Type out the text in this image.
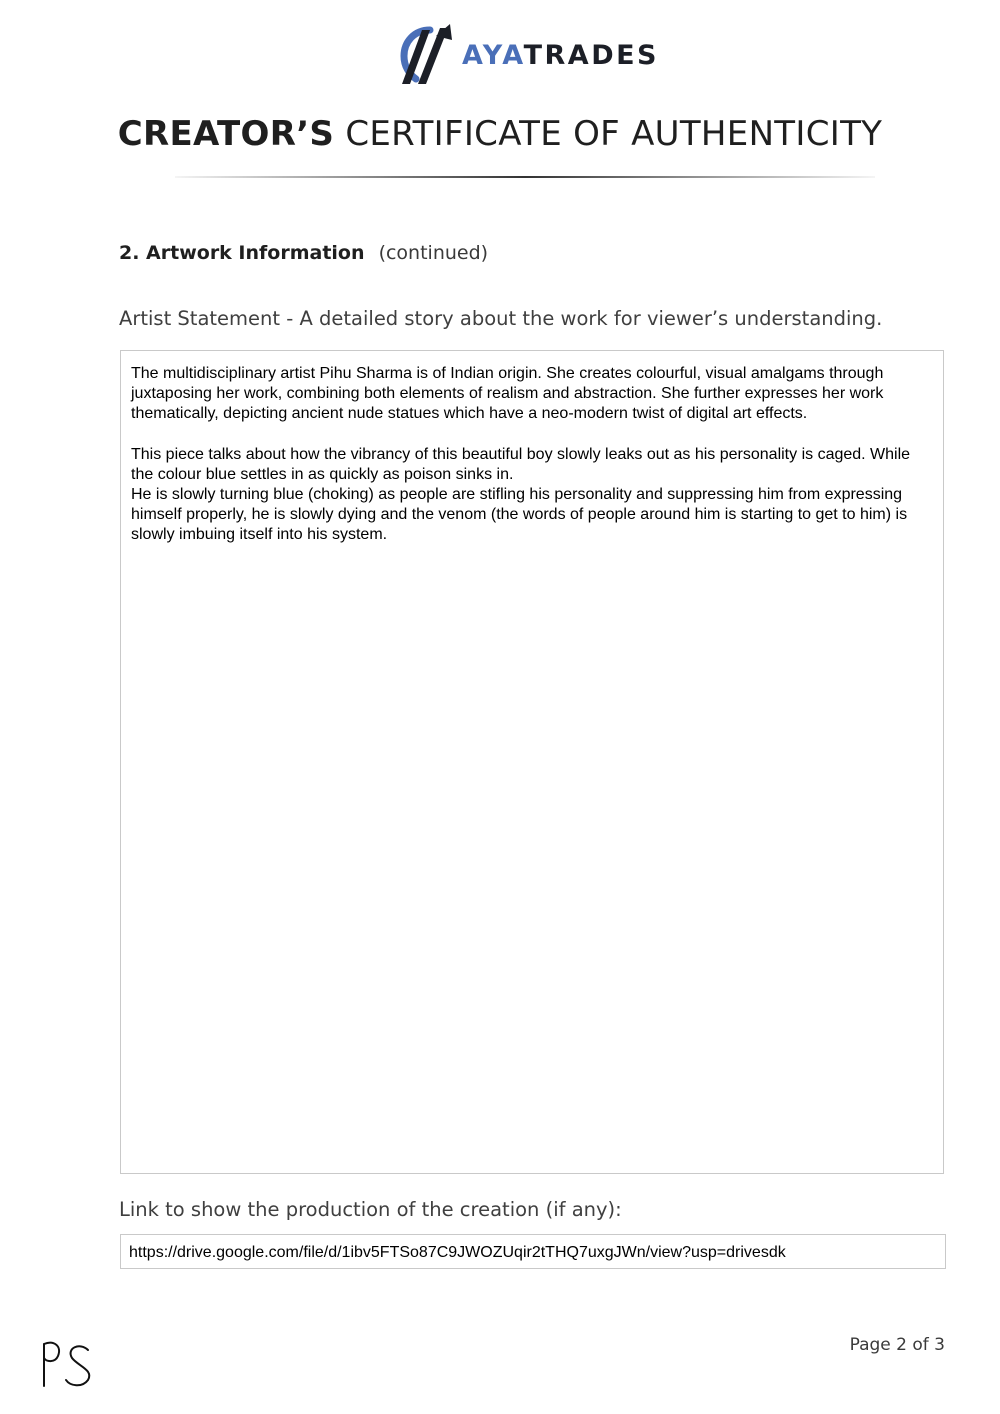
AYATRADES
CREATOR’S CERTIFICATE OF AUTHENTICITY
2. Artwork Information (continued)
Artist Statement - A detailed story about the work for viewer’s understanding.

The multidisciplinary artist Pihu Sharma is of Indian origin. She creates colourful, visual amalgams through juxtaposing her work, combining both elements of realism and abstraction. She further expresses her work thematically, depicting ancient nude statues which have a neo-modern twist of digital art effects.

This piece talks about how the vibrancy of this beautiful boy slowly leaks out as his personality is caged. While the colour blue settles in as quickly as poison sinks in.

He is slowly turning blue (choking) as people are stifling his personality and suppressing him from expressing himself properly, he is slowly dying and the venom (the words of people around him is starting to get to him) is slowly imbuing itself into his system.

Link to show the production of the creation (if any):
https://drive.google.com/file/d/1ibv5FTSo87C9JWOZUqir2tTHQ7uxgJWn/view?usp=drivesdk
Page 2 of 3
